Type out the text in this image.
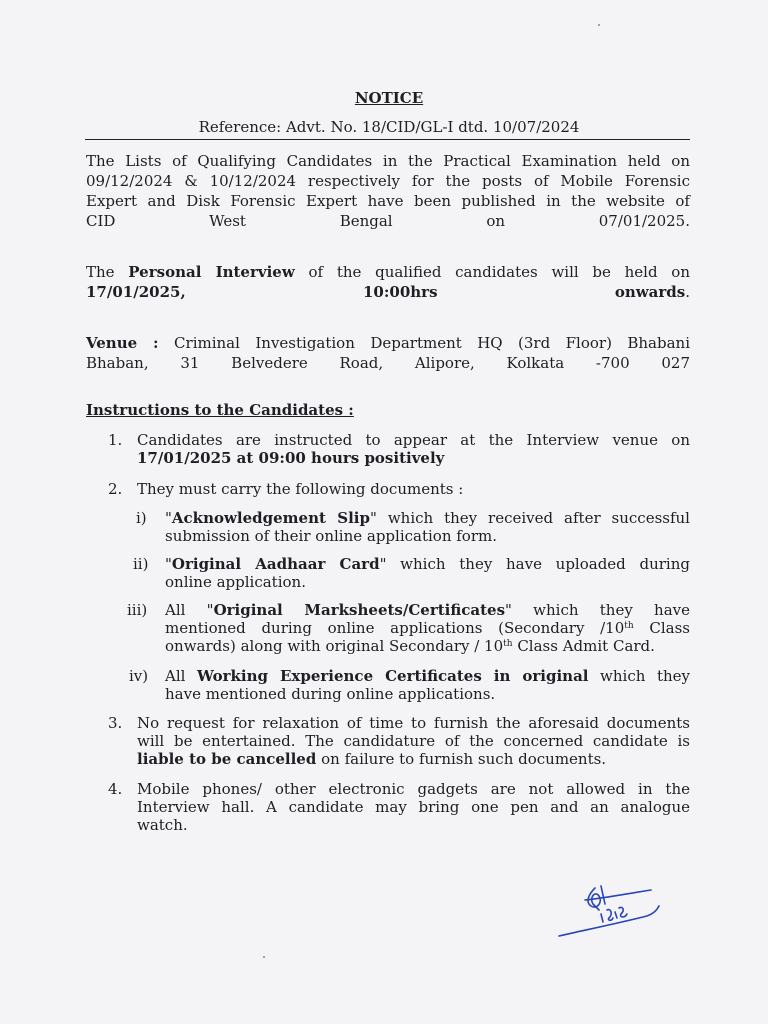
NOTICE
Reference: Advt. No. 18/CID/GL-I dtd. 10/07/2024
The Lists of Qualifying Candidates in the Practical Examination held on
09/12/2024 & 10/12/2024 respectively for the posts of Mobile Forensic
Expert and Disk Forensic Expert have been published in the website of
CID West Bengal on 07/01/2025.
The Personal Interview of the qualified candidates will be held on
17/01/2025, 10:00hrs onwards.
Venue : Criminal Investigation Department HQ (3rd Floor) Bhabani
Bhaban, 31 Belvedere Road, Alipore, Kolkata -700 027
Instructions to the Candidates :
1. Candidates are instructed to appear at the Interview venue on
17/01/2025 at 09:00 hours positively
2. They must carry the following documents :
i) "Acknowledgement Slip" which they received after successful
submission of their online application form.
ii) "Original Aadhaar Card" which they have uploaded during
online application.
iii) All "Original Marksheets/Certificates" which they have
mentioned during online applications (Secondary /10th Class
onwards) along with original Secondary / 10th Class Admit Card.
iv) All Working Experience Certificates in original which they
have mentioned during online applications.
3. No request for relaxation of time to furnish the aforesaid documents
will be entertained. The candidature of the concerned candidate is
liable to be cancelled on failure to furnish such documents.
4. Mobile phones/ other electronic gadgets are not allowed in the
Interview hall. A candidate may bring one pen and an analogue
watch.
